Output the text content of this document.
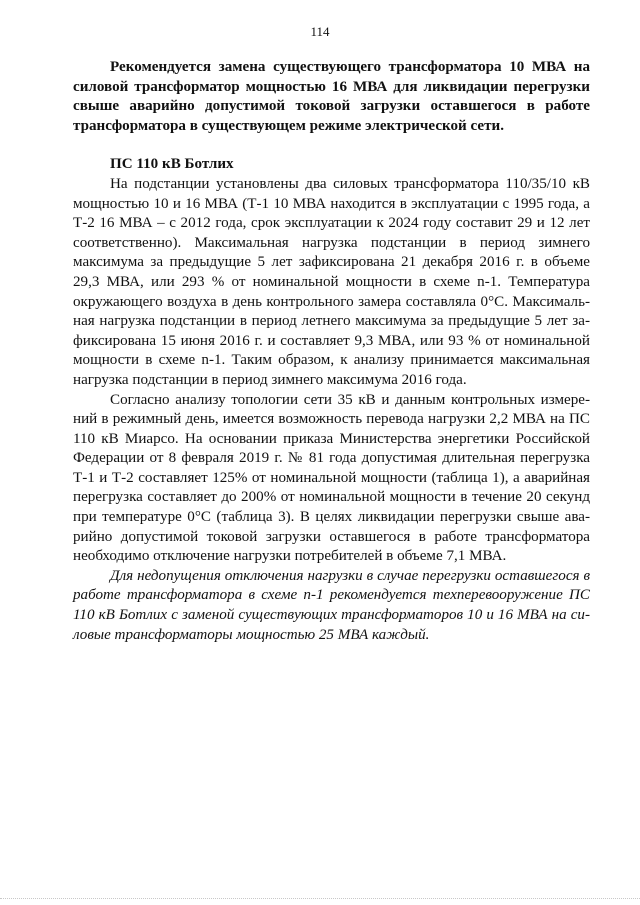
114

Рекомендуется замена существующего трансформатора 10 МВА на силовой трансформатор мощностью 16 МВА для ликвидации перегрузки свыше аварийно допустимой токовой загрузки оставшегося в работе трансформатора в существующем режиме электрической сети.

ПС 110 кВ Ботлих

На подстанции установлены два силовых трансформатора 110/35/10 кВ мощностью 10 и 16 МВА (Т-1 10 МВА находится в эксплуатации с 1995 года, а Т-2 16 МВА – с 2012 года, срок эксплуатации к 2024 году составит 29 и 12 лет соответственно). Максимальная нагрузка подстанции в период зимнего максимума за предыдущие 5 лет зафиксирована 21 декабря 2016 г. в объеме 29,3 МВА, или 293 % от номинальной мощности в схеме n-1. Температура окружающего воздуха в день контрольного замера составляла 0°С. Максимальная нагрузка подстанции в период летнего максимума за предыдущие 5 лет зафиксирована 15 июня 2016 г. и составляет 9,3 МВА, или 93 % от номинальной мощности в схеме n-1. Таким образом, к анализу принимается максимальная нагрузка подстанции в период зимнего максимума 2016 года.

Согласно анализу топологии сети 35 кВ и данным контрольных измерений в режимный день, имеется возможность перевода нагрузки 2,2 МВА на ПС 110 кВ Миарсо. На основании приказа Министерства энергетики Российской Федерации от 8 февраля 2019 г. № 81 года допустимая длительная перегрузка Т-1 и Т-2 составляет 125% от номинальной мощности (таблица 1), а аварийная перегрузка составляет до 200% от номинальной мощности в течение 20 секунд при температуре 0°С (таблица 3). В целях ликвидации перегрузки свыше аварийно допустимой токовой загрузки оставшегося в работе трансформатора необходимо отключение нагрузки потребителей в объеме 7,1 МВА.

Для недопущения отключения нагрузки в случае перегрузки оставшегося в работе трансформатора в схеме n-1 рекомендуется техперевооружение ПС 110 кВ Ботлих с заменой существующих трансформаторов 10 и 16 МВА на силовые трансформаторы мощностью 25 МВА каждый.
